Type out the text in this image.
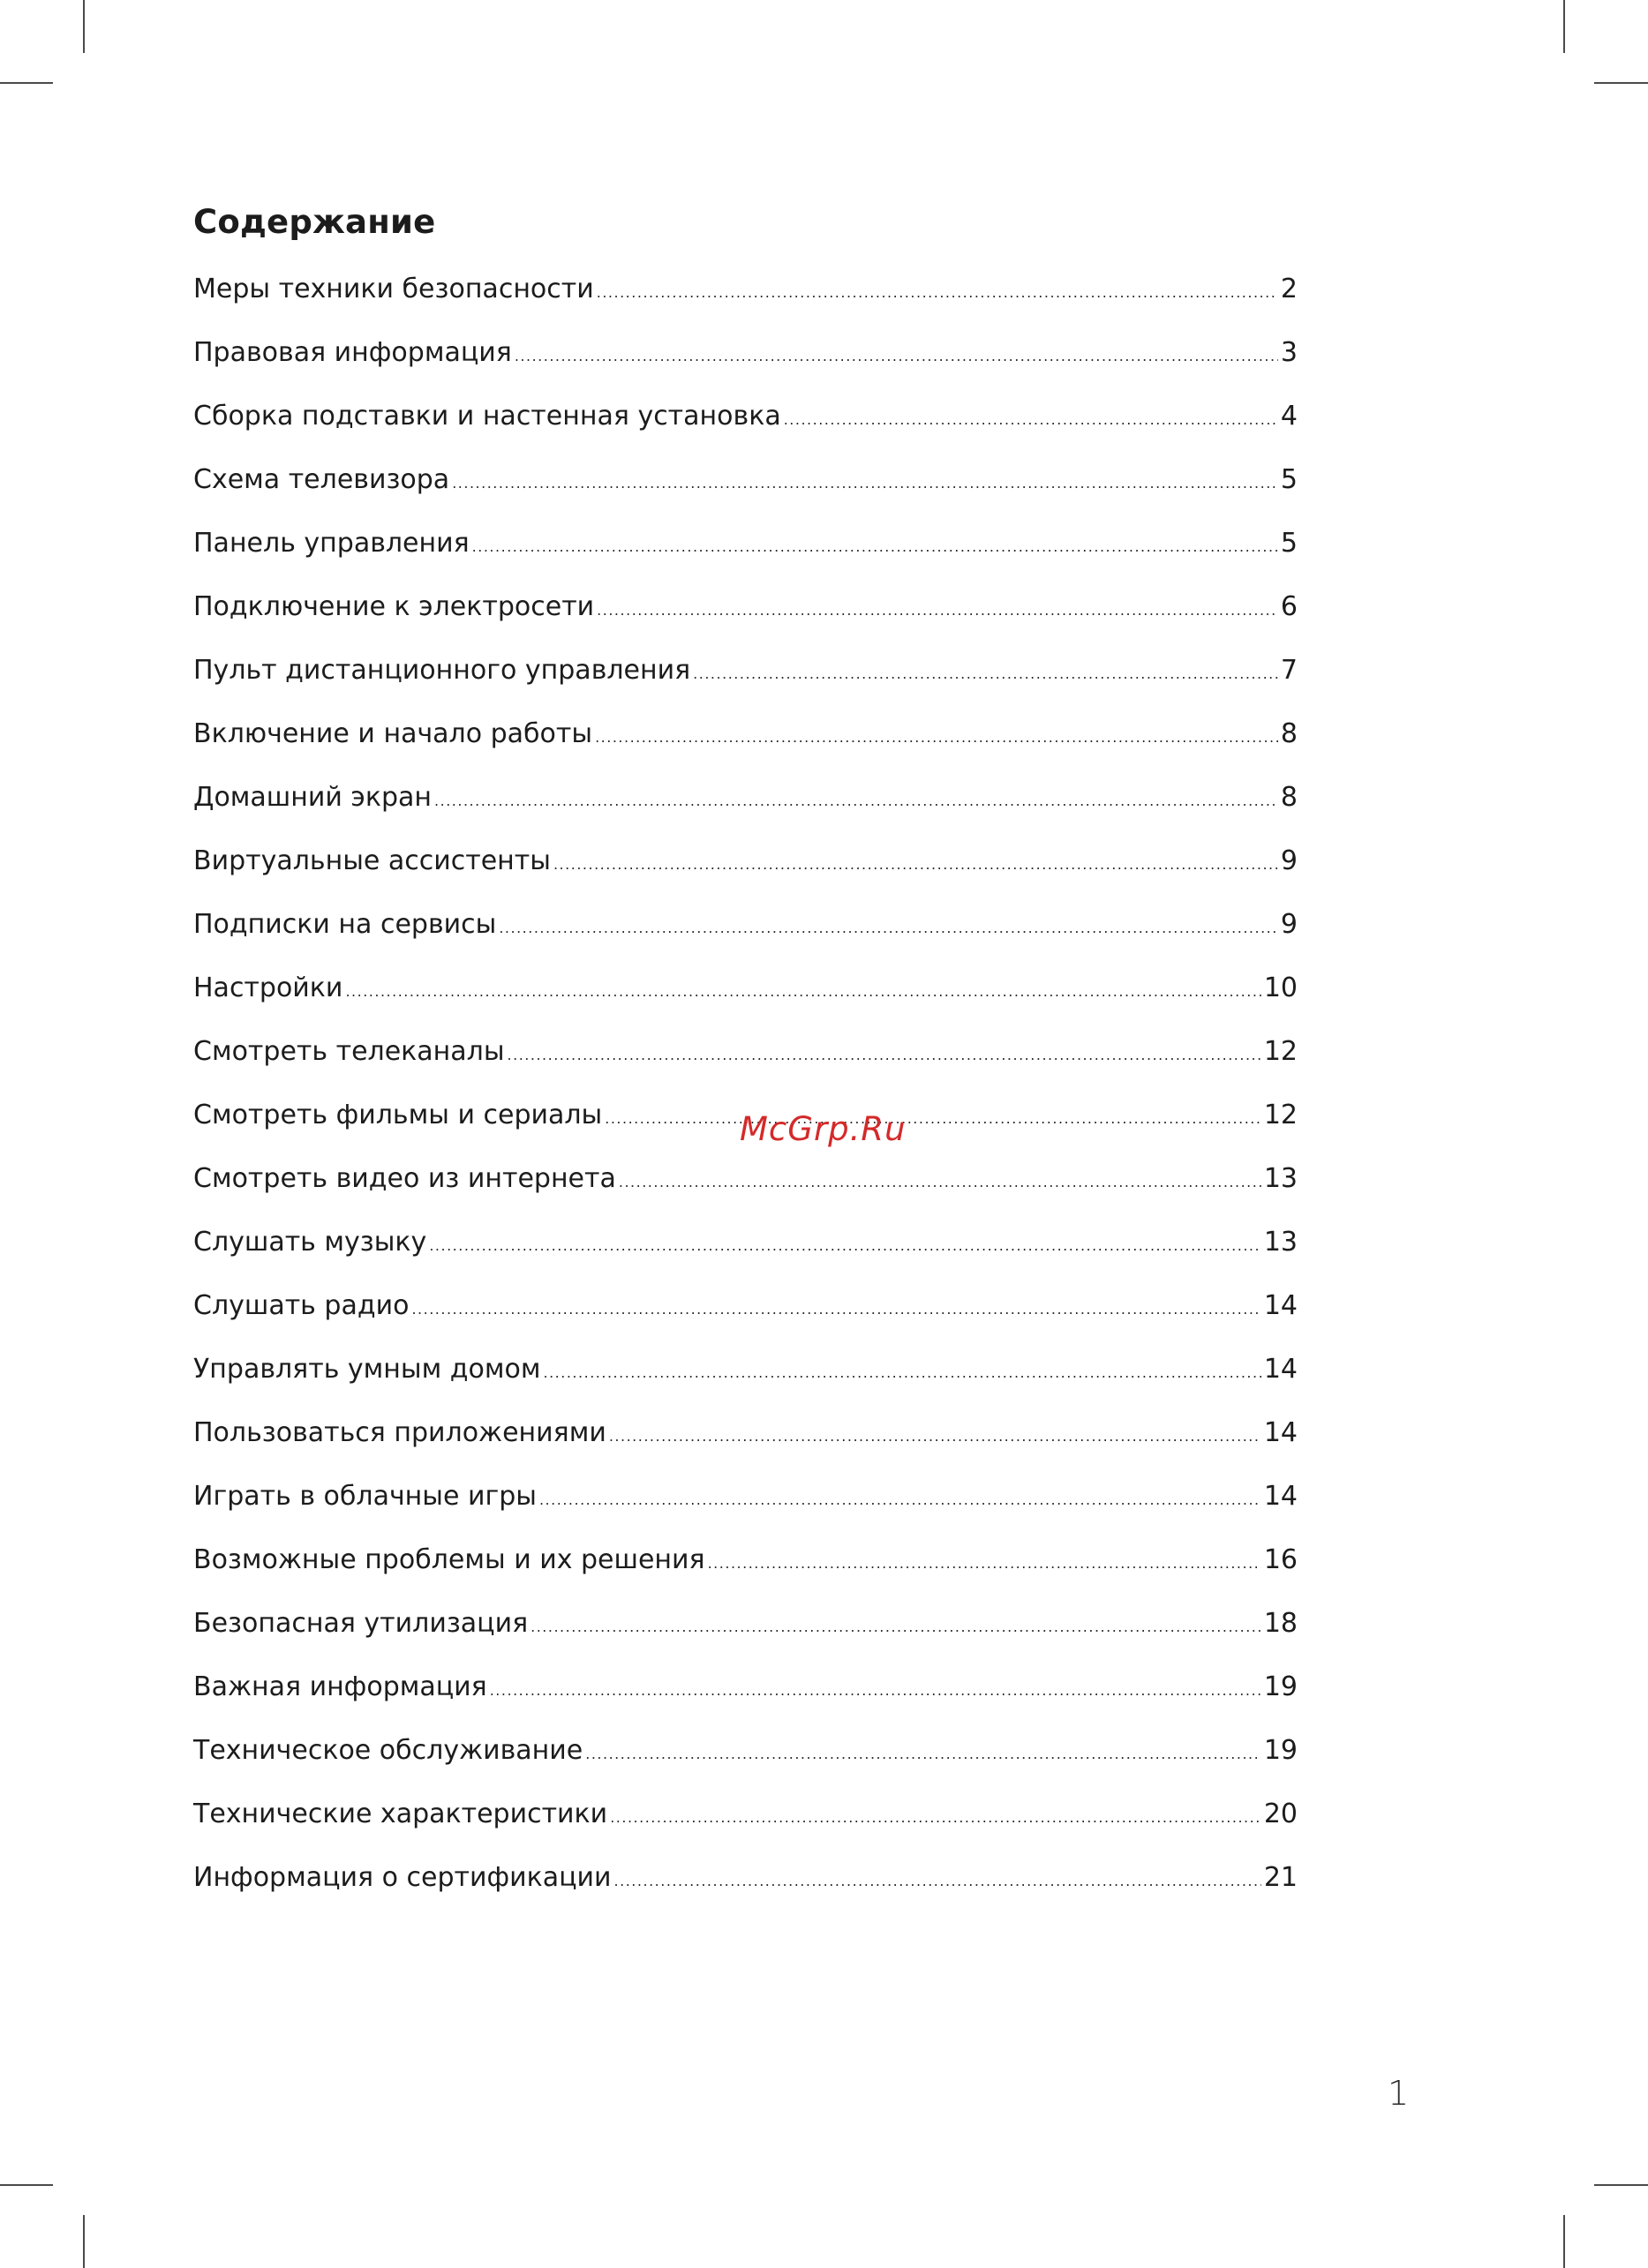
Содержание
Меры техники безопасности .....	2
Правовая информация .....	3
Сборка подставки и настенная установка .....	4
Схема телевизора .....	5
Панель управления .....	5
Подключение к электросети .....	6
Пульт дистанционного управления .....	7
Включение и начало работы .....	8
Домашний экран .....	8
Виртуальные ассистенты .....	9
Подписки на сервисы .....	9
Настройки .....	10
Смотреть телеканалы .....	12
Смотреть фильмы и сериалы .....	12
Смотреть видео из интернета .....	13
Слушать музыку .....	13
Слушать радио .....	14
Управлять умным домом .....	14
Пользоваться приложениями .....	14
Играть в облачные игры .....	14
Возможные проблемы и их решения .....	16
Безопасная утилизация .....	18
Важная информация .....	19
Техническое обслуживание .....	19
Технические характеристики .....	20
Информация о сертификации .....	21
McGrp.Ru
1
